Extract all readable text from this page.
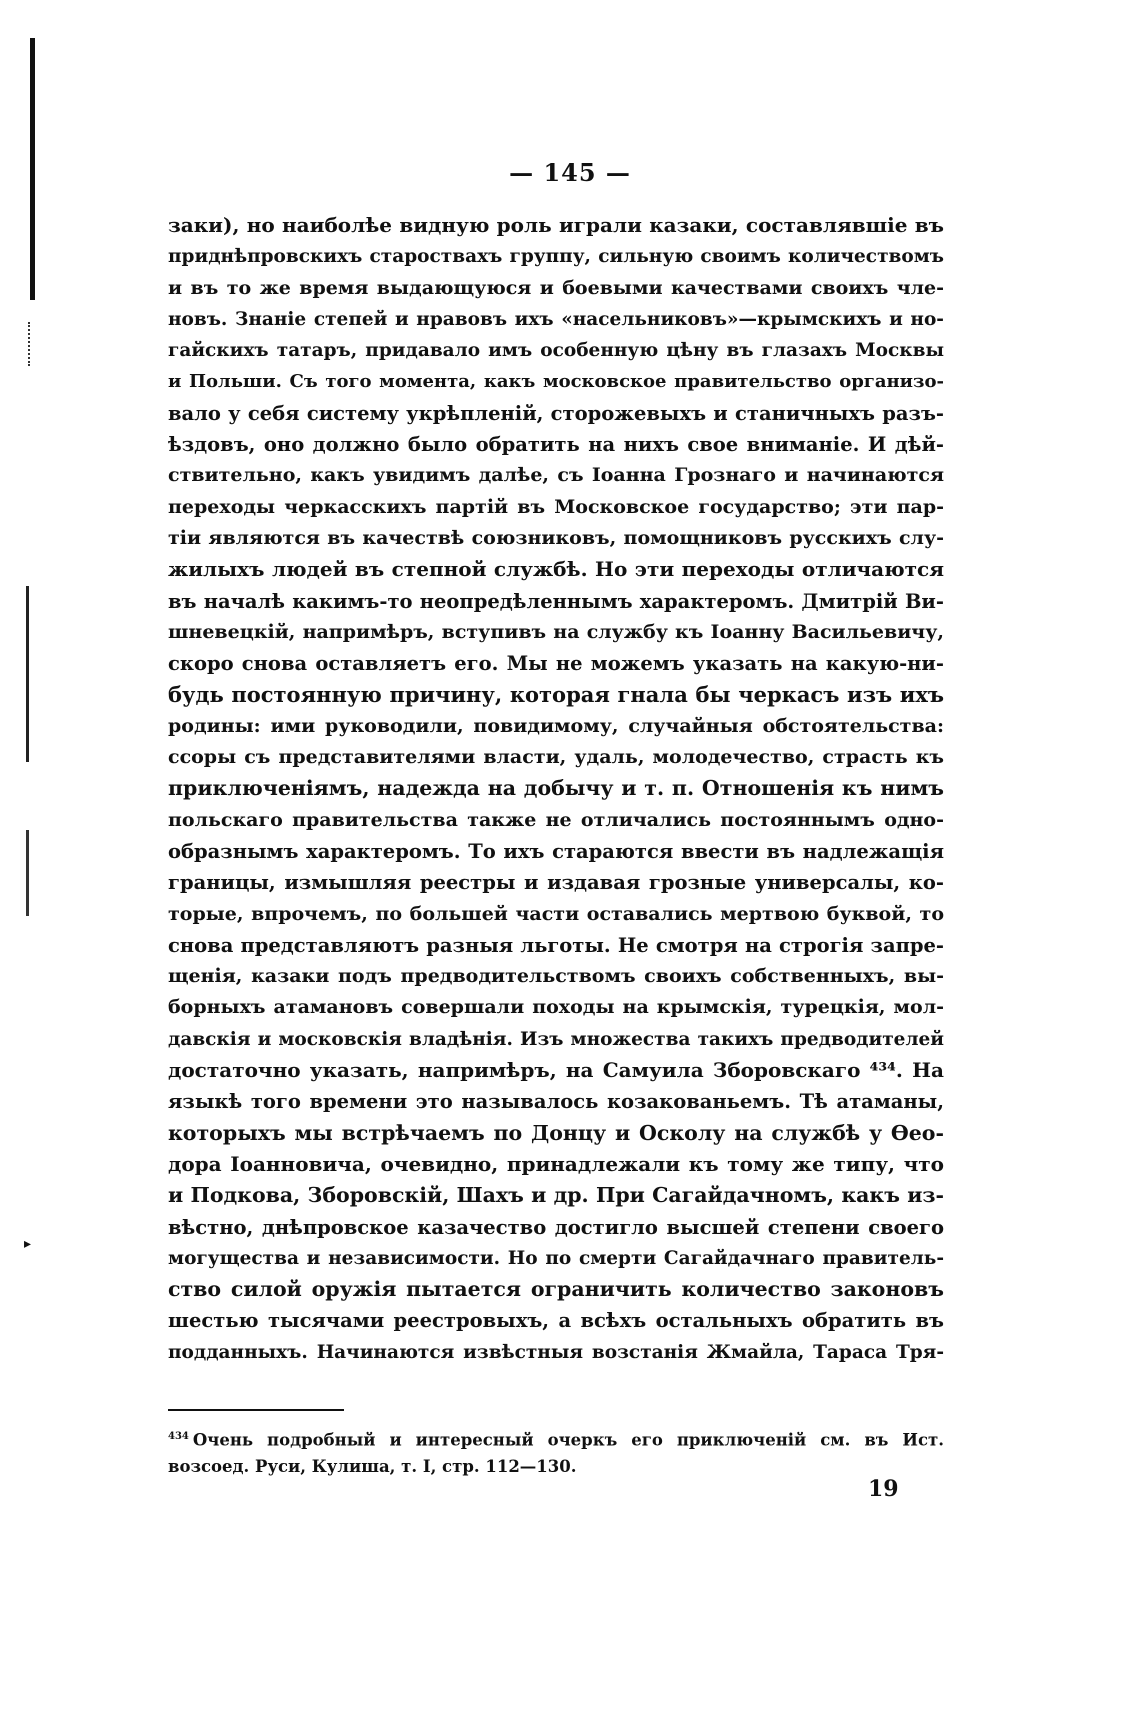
▸
— 145 —
заки), но наиболѣе видную роль играли казаки, составлявшіе въ
приднѣпровскихъ староствахъ группу, сильную своимъ количествомъ
и въ то же время выдающуюся и боевыми качествами своихъ чле-
новъ. Знаніе степей и нравовъ ихъ «насельниковъ»—крымскихъ и но-
гайскихъ татаръ, придавало имъ особенную цѣну въ глазахъ Москвы
и Польши. Съ того момента, какъ московское правительство организо-
вало у себя систему укрѣпленій, сторожевыхъ и станичныхъ разъ-
ѣздовъ, оно должно было обратить на нихъ свое вниманіе. И дѣй-
ствительно, какъ увидимъ далѣе, съ Іоанна Грознаго и начинаются
переходы черкасскихъ партій въ Московское государство; эти пар-
тіи являются въ качествѣ союзниковъ, помощниковъ русскихъ слу-
жилыхъ людей въ степной службѣ. Но эти переходы отличаются
въ началѣ какимъ-то неопредѣленнымъ характеромъ. Дмитрій Ви-
шневецкій, напримѣръ, вступивъ на службу къ Іоанну Васильевичу,
скоро снова оставляетъ его. Мы не можемъ указать на какую-ни-
будь постоянную причину, которая гнала бы черкасъ изъ ихъ
родины: ими руководили, повидимому, случайныя обстоятельства:
ссоры съ представителями власти, удаль, молодечество, страсть къ
приключеніямъ, надежда на добычу и т. п. Отношенія къ нимъ
польскаго правительства также не отличались постояннымъ одно-
образнымъ характеромъ. То ихъ стараются ввести въ надлежащія
границы, измышляя реестры и издавая грозные универсалы, ко-
торые, впрочемъ, по большей части оставались мертвою буквой, то
снова представляютъ разныя льготы. Не смотря на строгія запре-
щенія, казаки подъ предводительствомъ своихъ собственныхъ, вы-
борныхъ атамановъ совершали походы на крымскія, турецкія, мол-
давскія и московскія владѣнія. Изъ множества такихъ предводителей
достаточно указать, напримѣръ, на Самуила Зборовскаго ⁴³⁴. На
языкѣ того времени это называлось козакованьемъ. Тѣ атаманы,
которыхъ мы встрѣчаемъ по Донцу и Осколу на службѣ у Ѳео-
дора Іоанновича, очевидно, принадлежали къ тому же типу, что
и Подкова, Зборовскій, Шахъ и др. При Сагайдачномъ, какъ из-
вѣстно, днѣпровское казачество достигло высшей степени своего
могущества и независимости. Но по смерти Сагайдачнаго правитель-
ство силой оружія пытается ограничить количество законовъ
шестью тысячами реестровыхъ, а всѣхъ остальныхъ обратить въ
подданныхъ. Начинаются извѣстныя возстанія Жмайла, Тараса Тря-
$^{434}$ Очень подробный и интересный очеркъ его приключеній см. въ Ист.
возсоед. Руси, Кулиша, т. I, стр. 112—130.
19
